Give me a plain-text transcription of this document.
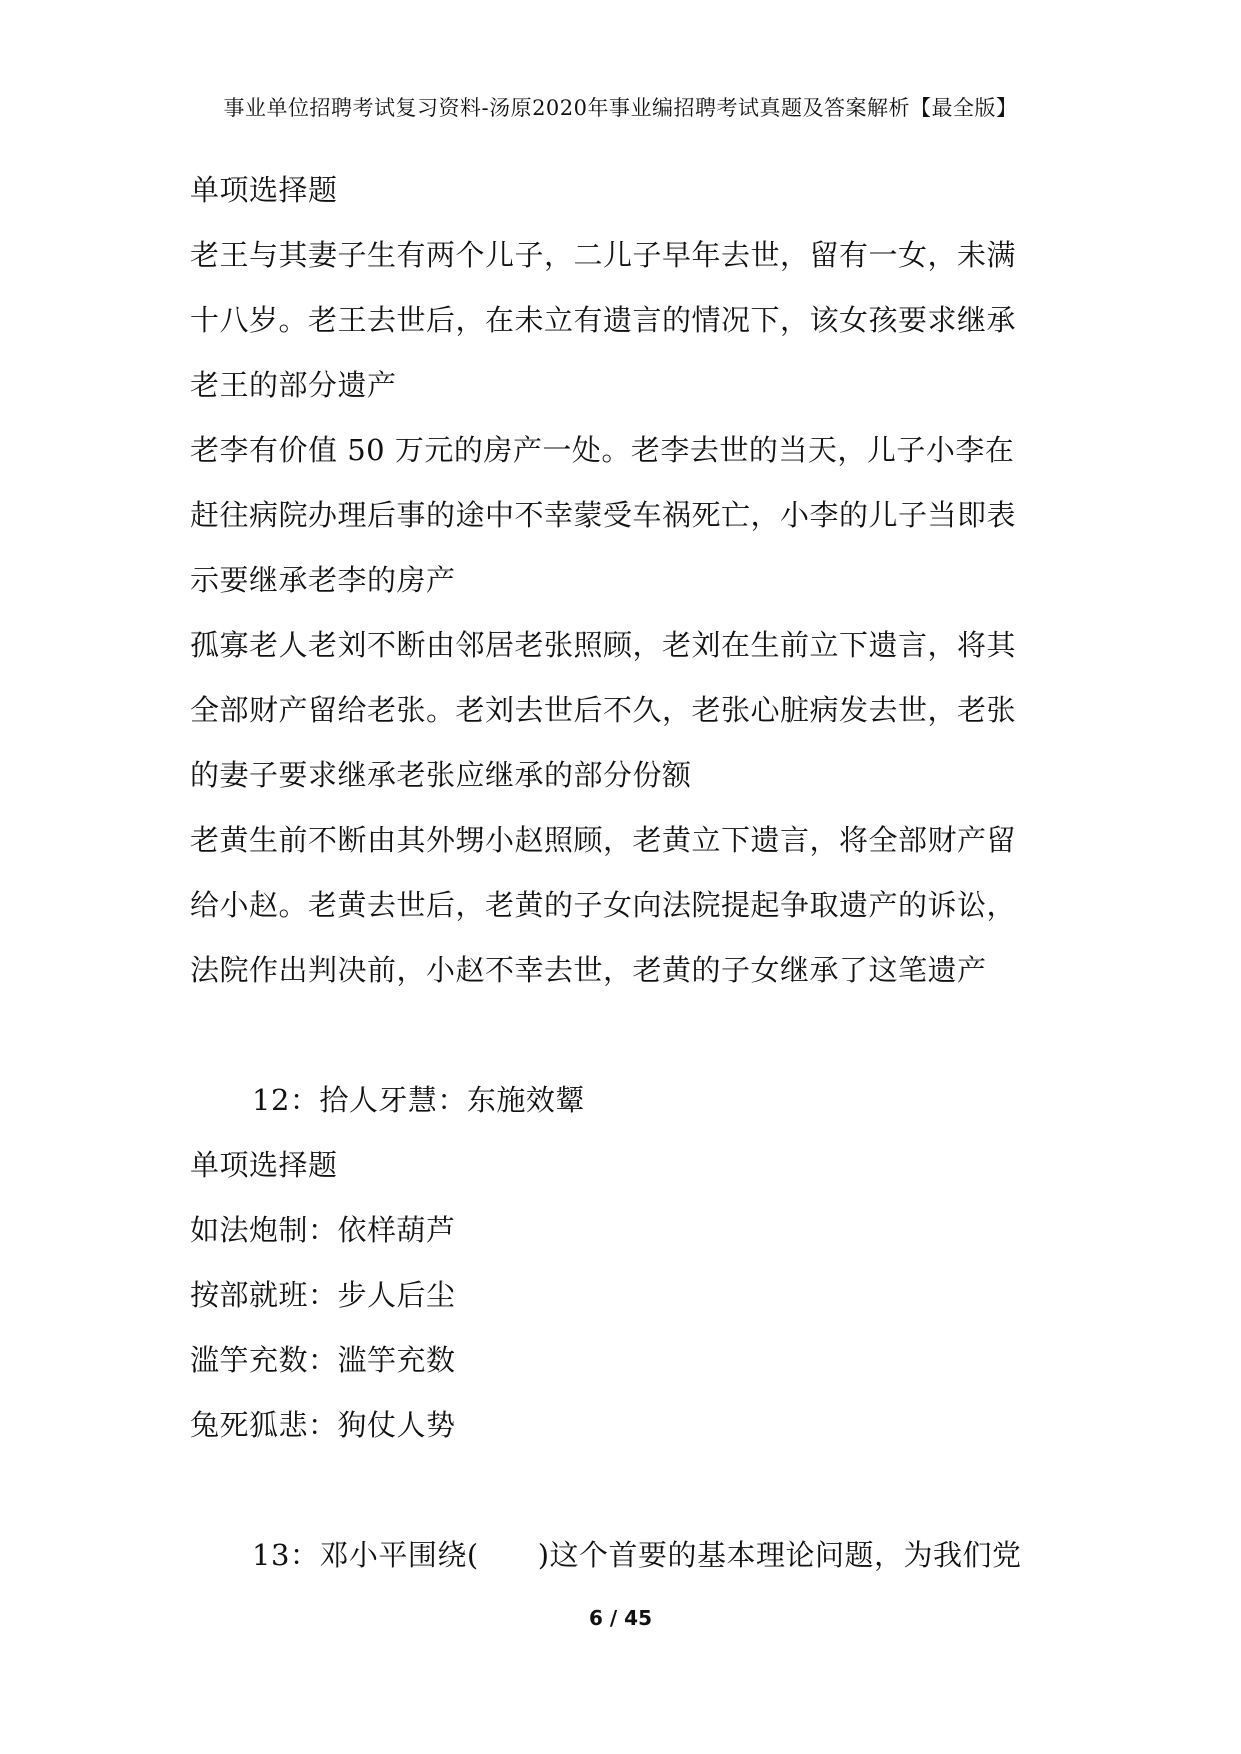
事业单位招聘考试复习资料-汤原2020年事业编招聘考试真题及答案解析【最全版】
单项选择题
老王与其妻子生有两个儿子，二儿子早年去世，留有一女，未满
十八岁。老王去世后，在未立有遗言的情况下，该女孩要求继承
老王的部分遗产
老李有价值 50 万元的房产一处。老李去世的当天，儿子小李在
赶往病院办理后事的途中不幸蒙受车祸死亡，小李的儿子当即表
示要继承老李的房产
孤寡老人老刘不断由邻居老张照顾，老刘在生前立下遗言，将其
全部财产留给老张。老刘去世后不久，老张心脏病发去世，老张
的妻子要求继承老张应继承的部分份额
老黄生前不断由其外甥小赵照顾，老黄立下遗言，将全部财产留
给小赵。老黄去世后，老黄的子女向法院提起争取遗产的诉讼，
法院作出判决前，小赵不幸去世，老黄的子女继承了这笔遗产
12：拾人牙慧：东施效颦
单项选择题
如法炮制：依样葫芦
按部就班：步人后尘
滥竽充数：滥竽充数
兔死狐悲：狗仗人势
13：邓小平围绕(　　)这个首要的基本理论问题，为我们党
6 / 45
